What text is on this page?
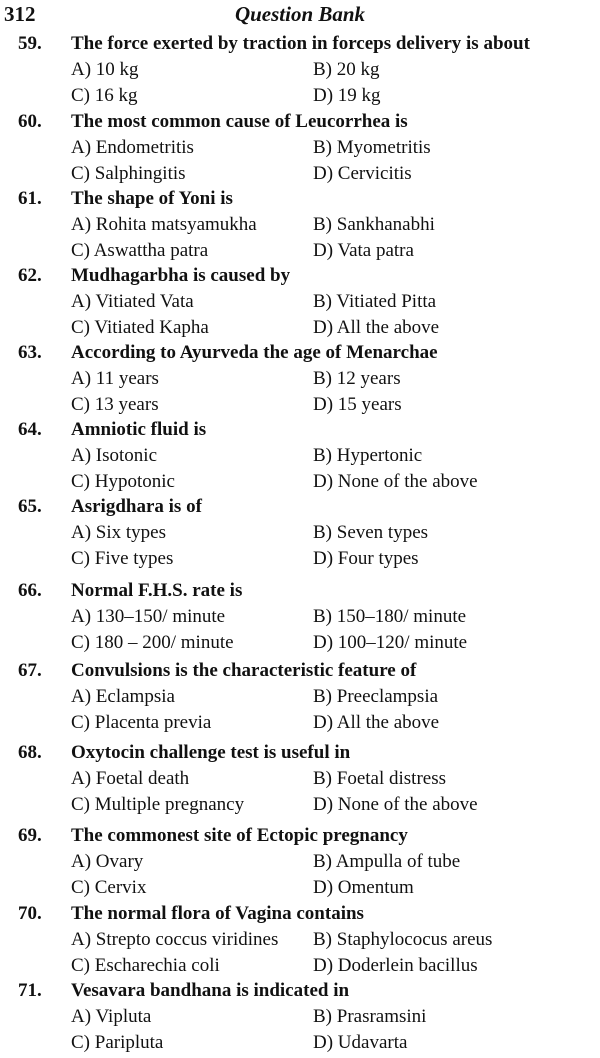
312	Question Bank
59. The force exerted by traction in forceps delivery is about
A) 10 kg	B) 20 kg
C) 16 kg	D) 19 kg
60. The most common cause of Leucorrhea is
A) Endometritis	B) Myometritis
C) Salphingitis	D) Cervicitis
61. The shape of Yoni is
A) Rohita matsyamukha	B) Sankhanabhi
C) Aswattha patra	D) Vata patra
62. Mudhagarbha is caused by
A) Vitiated Vata	B) Vitiated Pitta
C) Vitiated Kapha	D) All the above
63. According to Ayurveda the age of Menarchae
A) 11 years	B) 12 years
C) 13 years	D) 15 years
64. Amniotic fluid is
A) Isotonic	B) Hypertonic
C) Hypotonic	D) None of the above
65. Asrigdhara is of
A) Six types	B) Seven types
C) Five types	D) Four types
66. Normal F.H.S. rate is
A) 130–150/ minute	B) 150–180/ minute
C) 180 – 200/ minute	D) 100–120/ minute
67. Convulsions is the characteristic feature of
A) Eclampsia	B) Preeclampsia
C) Placenta previa	D) All the above
68. Oxytocin challenge test is useful in
A) Foetal death	B) Foetal distress
C) Multiple pregnancy	D) None of the above
69. The commonest site of Ectopic pregnancy
A) Ovary	B) Ampulla of tube
C) Cervix	D) Omentum
70. The normal flora of Vagina contains
A) Strepto coccus viridines B) Staphylococus areus
C) Escharechia coli	D) Doderlein bacillus
71. Vesavara bandhana is indicated in
A) Vipluta	B) Prasramsini
C) Paripluta	D) Udavarta
